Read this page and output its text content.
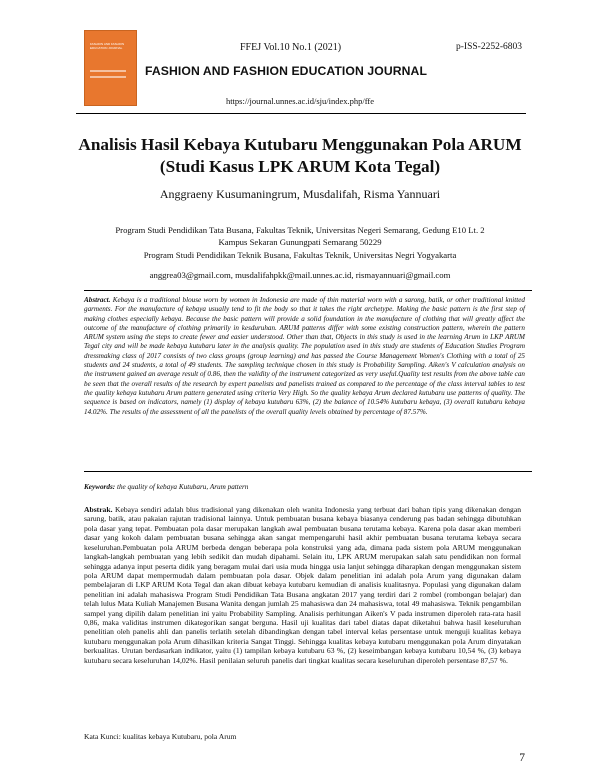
FASHION AND FASHION EDUCATION JOURNAL	FFEJ Vol.10 No.1 (2021)	p-ISS-2252-6803
FASHION AND FASHION EDUCATION JOURNAL
https://journal.unnes.ac.id/sju/index.php/ffe
Analisis Hasil Kebaya Kutubaru Menggunakan Pola ARUM
(Studi Kasus LPK ARUM Kota Tegal)
Anggraeny Kusumaningrum, Musdalifah, Risma Yannuari
Program Studi Pendidikan Tata Busana, Fakultas Teknik, Universitas Negeri Semarang, Gedung E10 Lt. 2
Kampus Sekaran Gunungpati Semarang 50229
Program Studi Pendidikan Teknik Busana, Fakultas Teknik, Universitas Negri Yogyakarta
anggrea03@gmail.com, musdalifahpkk@mail.unnes.ac.id, rismayannuari@gmail.com
Abstract. Kebaya is a traditional blouse worn by women in Indonesia are made of thin material worn with a sarong, batik, or other traditional knitted garments. For the manufacture of kebaya usually tend to fit the body so that it takes the right archetype. Making the basic pattern is the first step of making clothes especially kebaya. Because the basic pattern will provide a solid foundation in the manufacture of clothing that will greatly affect the outcome of the manufacture of clothing primarily in kesduruhan. ARUM patterns differ with some existing construction pattern, wherein the pattern ARUM system using the steps to create fewer and easier understood. Other than that, Objects in this study is used in the learning Arum in LKP ARUM Tegal city and will be made kebaya kutubaru later in the analysis quality. The population used in this study are students of Education Studies Program dressmaking class of 2017 consists of two class groups (group learning) and has passed the Course Management Women's Clothing with a total of 25 students and 24 students, a total of 49 students. The sampling technique chosen in this study is Probability Sampling. Aiken's V calculation analysis on the instrument gained an average result of 0.86, then the validity of the instrument categorized as very useful.Quality test results from the above table can be seen that the overall results of the research by expert panelists and panelists trained as compared to the percentage of the class interval tables to test the quality kebaya kutubaru Arum pattern generated using criteria Very High. So the quality kebaya Arum declared kutubaru use patterns of quality. The sequence is based on indicators, namely (1) display of kebaya kutubaru 63%, (2) the balance of 10.54% kutubaru kebaya, (3) overall kutubaru kebaya 14.02%. The results of the assessment of all the panelists of the overall quality levels obtained by percentage of 87.57%.
Keywords: the quality of kebaya Kutubaru, Arum pattern
Abstrak. Kebaya sendiri adalah blus tradisional yang dikenakan oleh wanita Indonesia yang terbuat dari bahan tipis yang dikenakan dengan sarung, batik, atau pakaian rajutan tradisional lainnya. Untuk pembuatan busana kebaya biasanya cenderung pas badan sehingga dibutuhkan pola dasar yang tepat. Pembuatan pola dasar merupakan langkah awal pembuatan busana terutama kebaya. Karena pola dasar akan memberi dasar yang kokoh dalam pembuatan busana sehingga akan sangat mempengaruhi hasil akhir pembuatan busana terutama kebaya secara keseluruhan.Pembuatan pola ARUM berbeda dengan beberapa pola konstruksi yang ada, dimana pada sistem pola ARUM menggunakan langkah-langkah pembuatan yang lebih sedikit dan mudah dipahami. Selain itu, LPK ARUM merupakan salah satu pendidikan non formal sehingga adanya input peserta didik yang beragam mulai dari usia muda hingga usia lanjut sehingga diharapkan dengan menggunakan sistem pola ARUM dapat mempermudah dalam pembuatan pola dasar. Objek dalam penelitian ini adalah pola Arum yang digunakan dalam pembelajaran di LKP ARUM Kota Tegal dan akan dibuat kebaya kutubaru kemudian di analisis kualitasnya. Populasi yang digunakan dalam penelitian ini adalah mahasiswa Program Studi Pendidikan Tata Busana angkatan 2017 yang terdiri dari 2 rombel (rombongan belajar) dan telah lulus Mata Kuliah Manajemen Busana Wanita dengan jumlah 25 mahasiswa dan 24 mahasiswa, total 49 mahasiswa. Teknik pengambilan sampel yang dipilih dalam penelitian ini yaitu Probability Sampling. Analisis perhitungan Aiken's V pada instrumen diperoleh rata-rata hasil 0,86, maka validitas instrumen dikategorikan sangat berguna. Hasil uji kualitas dari tabel diatas dapat diketahui bahwa hasil keseluruhan penelitian oleh panelis ahli dan panelis terlatih setelah dibandingkan dengan tabel interval kelas persentase untuk menguji kualitas kebaya kutubaru menggunakan pola Arum dihasilkan kriteria Sangat Tinggi. Sehingga kualitas kebaya kutubaru menggunakan pola Arum dinyatakan berkualitas. Urutan berdasarkan indikator, yaitu (1) tampilan kebaya kutubaru 63 %, (2) keseimbangan kebaya kutubaru 10,54 %, (3) kebaya kutubaru secara keseluruhan 14,02%. Hasil penilaian seluruh panelis dari tingkat kualitas secara keseluruhan diperoleh persentase 87,57 %.
Kata Kunci: kualitas kebaya Kutubaru, pola Arum
7
